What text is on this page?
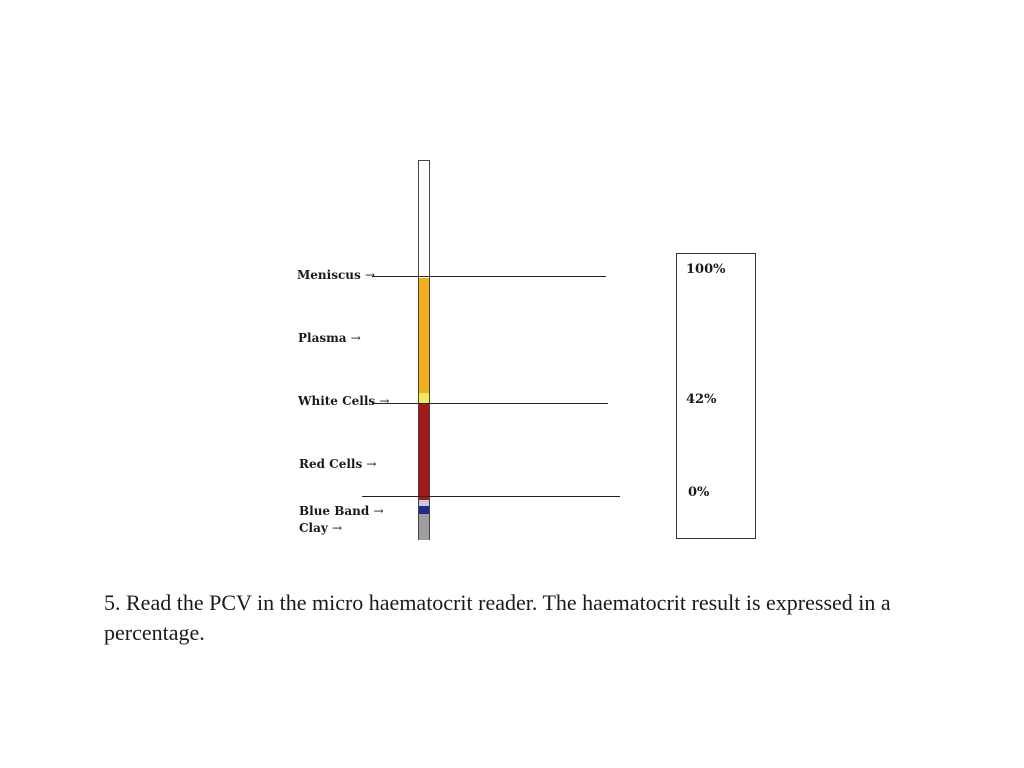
Meniscus →
Plasma →
White Cells →
Red Cells →
Blue Band →
Clay →
100%
42%
0%
5. Read the PCV in the micro haematocrit reader. The haematocrit result is expressed in a percentage.
